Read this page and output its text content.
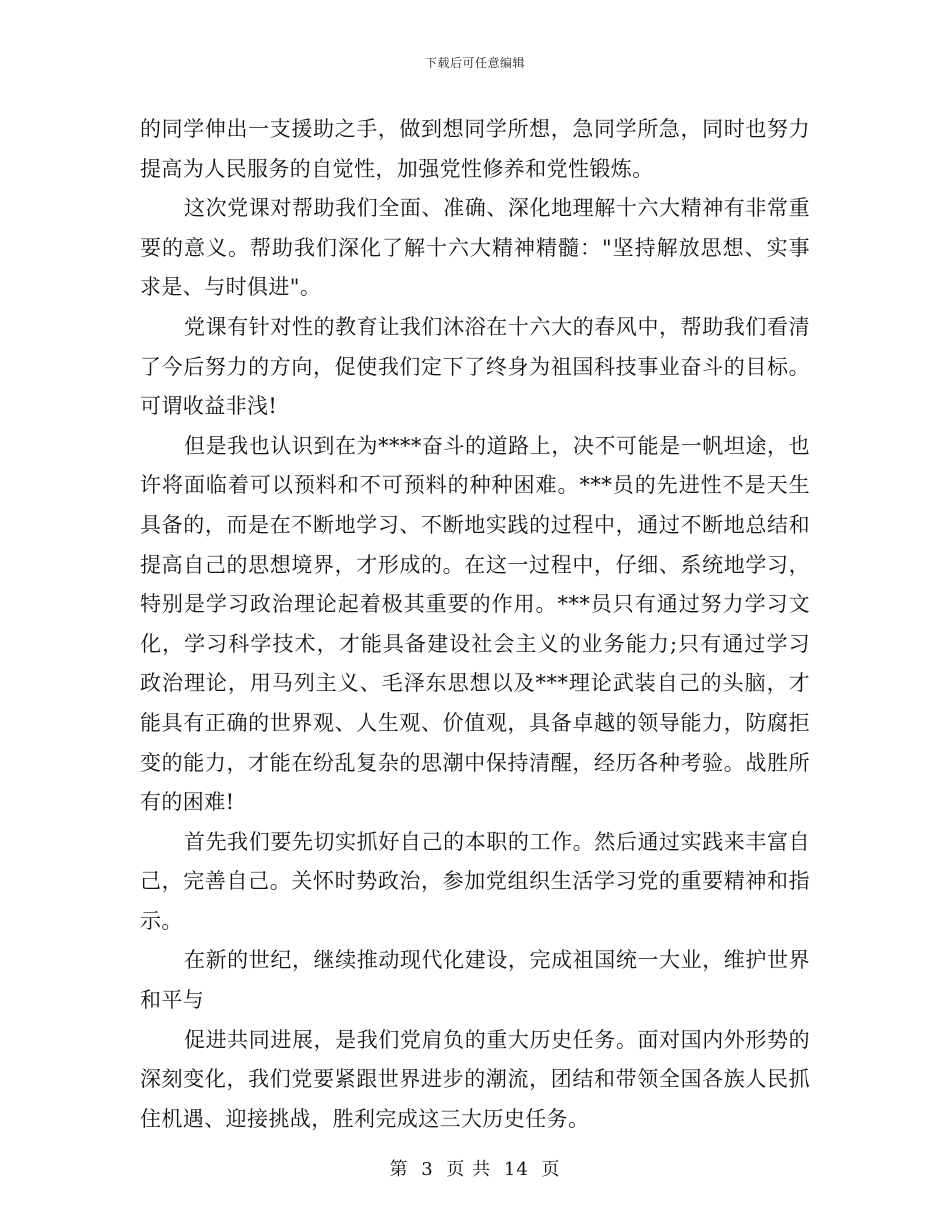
下载后可任意编辑

的同学伸出一支援助之手，做到想同学所想，急同学所急，同时也努力提高为人民服务的自觉性，加强党性修养和党性锻炼。

这次党课对帮助我们全面、准确、深化地理解十六大精神有非常重要的意义。帮助我们深化了解十六大精神精髓："坚持解放思想、实事求是、与时俱进"。

党课有针对性的教育让我们沐浴在十六大的春风中，帮助我们看清了今后努力的方向，促使我们定下了终身为祖国科技事业奋斗的目标。可谓收益非浅!

但是我也认识到在为****奋斗的道路上，决不可能是一帆坦途，也许将面临着可以预料和不可预料的种种困难。***员的先进性不是天生具备的，而是在不断地学习、不断地实践的过程中，通过不断地总结和提高自己的思想境界，才形成的。在这一过程中，仔细、系统地学习，特别是学习政治理论起着极其重要的作用。***员只有通过努力学习文化，学习科学技术，才能具备建设社会主义的业务能力;只有通过学习政治理论，用马列主义、毛泽东思想以及***理论武装自己的头脑，才能具有正确的世界观、人生观、价值观，具备卓越的领导能力，防腐拒变的能力，才能在纷乱复杂的思潮中保持清醒，经历各种考验。战胜所有的困难!

首先我们要先切实抓好自己的本职的工作。然后通过实践来丰富自己，完善自己。关怀时势政治，参加党组织生活学习党的重要精神和指示。

在新的世纪，继续推动现代化建设，完成祖国统一大业，维护世界和平与

促进共同进展，是我们党肩负的重大历史任务。面对国内外形势的深刻变化，我们党要紧跟世界进步的潮流，团结和带领全国各族人民抓住机遇、迎接挑战，胜利完成这三大历史任务。

第 3 页 共 14 页
